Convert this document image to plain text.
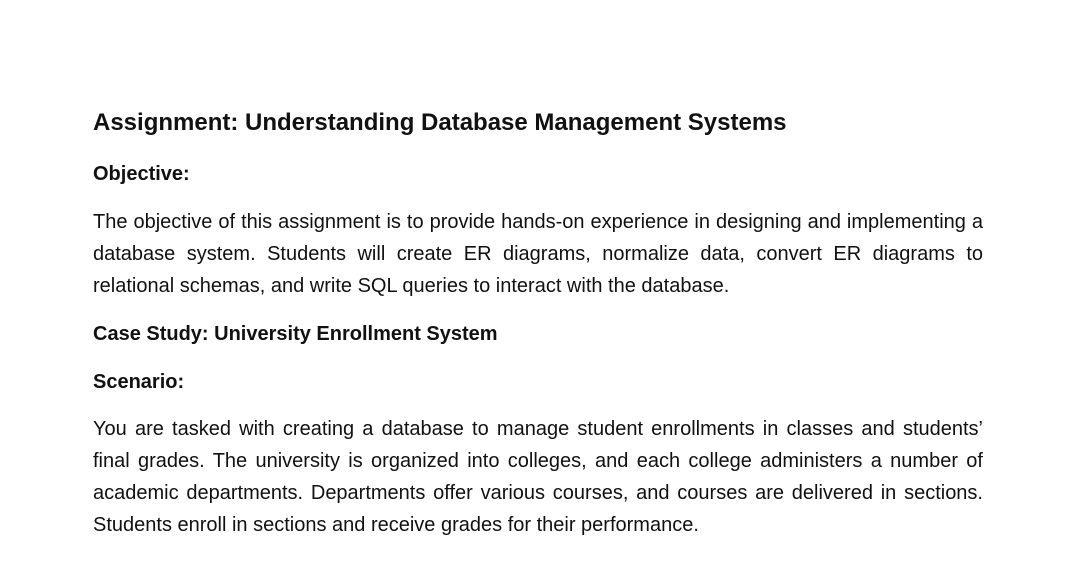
Assignment: Understanding Database Management Systems
Objective:

The objective of this assignment is to provide hands-on experience in designing and implementing a database system. Students will create ER diagrams, normalize data, convert ER diagrams to relational schemas, and write SQL queries to interact with the database.

Case Study: University Enrollment System
Scenario:

You are tasked with creating a database to manage student enrollments in classes and students’ final grades. The university is organized into colleges, and each college administers a number of academic departments. Departments offer various courses, and courses are delivered in sections. Students enroll in sections and receive grades for their performance.
